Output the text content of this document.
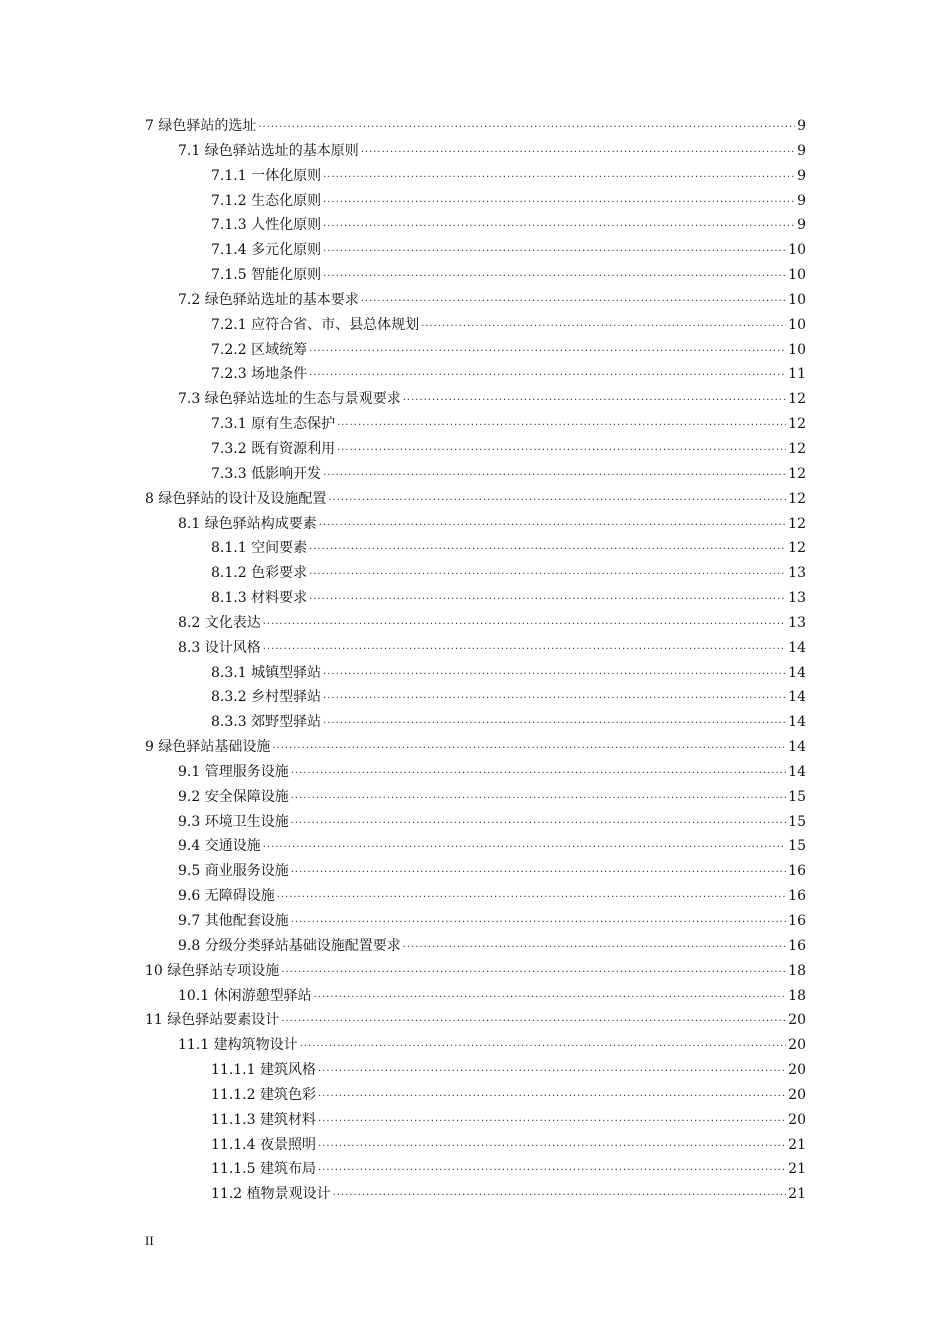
7 绿色驿站的选址 ·····	9
7.1 绿色驿站选址的基本原则 ·····	9
7.1.1 一体化原则 ·····	9
7.1.2 生态化原则 ·····	9
7.1.3 人性化原则 ·····	9
7.1.4 多元化原则 ·····	10
7.1.5 智能化原则 ·····	10
7.2 绿色驿站选址的基本要求 ·····	10
7.2.1 应符合省、市、县总体规划 ·····	10
7.2.2 区域统筹 ·····	10
7.2.3 场地条件 ·····	11
7.3 绿色驿站选址的生态与景观要求 ·····	12
7.3.1 原有生态保护 ·····	12
7.3.2 既有资源利用 ·····	12
7.3.3 低影响开发 ·····	12
8 绿色驿站的设计及设施配置 ·····	12
8.1 绿色驿站构成要素 ·····	12
8.1.1 空间要素 ·····	12
8.1.2 色彩要求 ·····	13
8.1.3 材料要求 ·····	13
8.2 文化表达 ·····	13
8.3 设计风格 ·····	14
8.3.1 城镇型驿站 ·····	14
8.3.2 乡村型驿站 ·····	14
8.3.3 郊野型驿站 ·····	14
9 绿色驿站基础设施 ·····	14
9.1 管理服务设施 ·····	14
9.2 安全保障设施 ·····	15
9.3 环境卫生设施 ·····	15
9.4 交通设施 ·····	15
9.5 商业服务设施 ·····	16
9.6 无障碍设施 ·····	16
9.7 其他配套设施 ·····	16
9.8 分级分类驿站基础设施配置要求 ·····	16
10 绿色驿站专项设施 ·····	18
10.1 休闲游憩型驿站 ·····	18
11 绿色驿站要素设计 ·····	20
11.1 建构筑物设计 ·····	20
11.1.1 建筑风格 ·····	20
11.1.2 建筑色彩 ·····	20
11.1.3 建筑材料 ·····	20
11.1.4 夜景照明 ·····	21
11.1.5 建筑布局 ·····	21
11.2 植物景观设计 ·····	21
II
